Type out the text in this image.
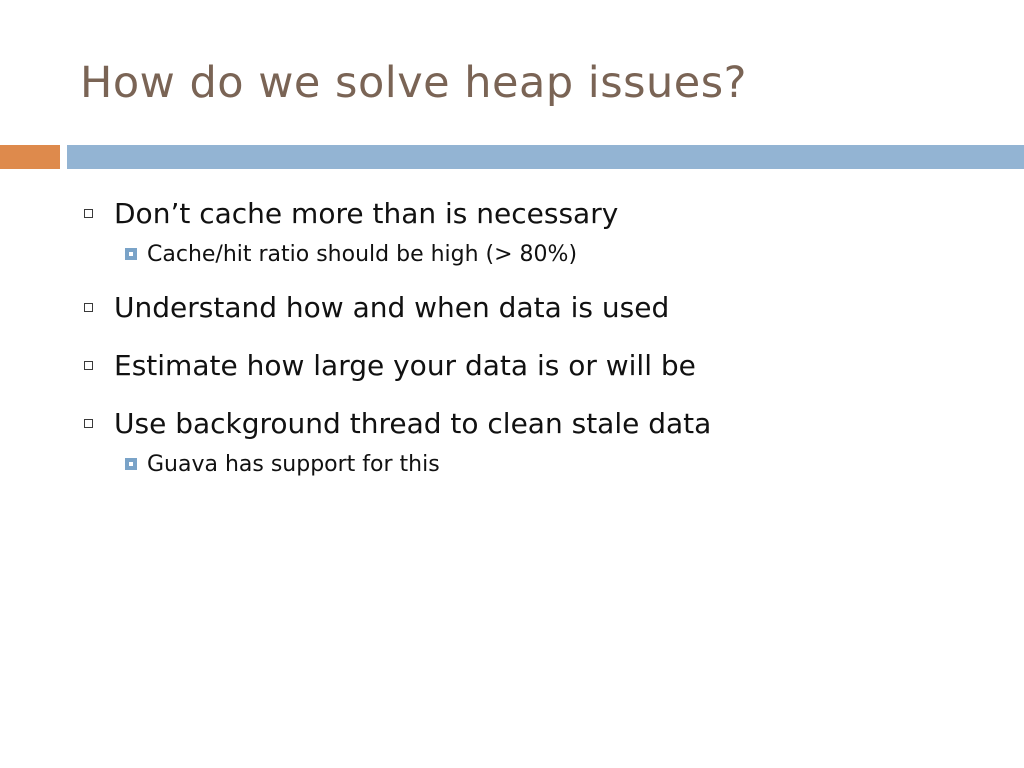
How do we solve heap issues?
Don’t cache more than is necessary
Cache/hit ratio should be high (> 80%)
Understand how and when data is used
Estimate how large your data is or will be
Use background thread to clean stale data
Guava has support for this
